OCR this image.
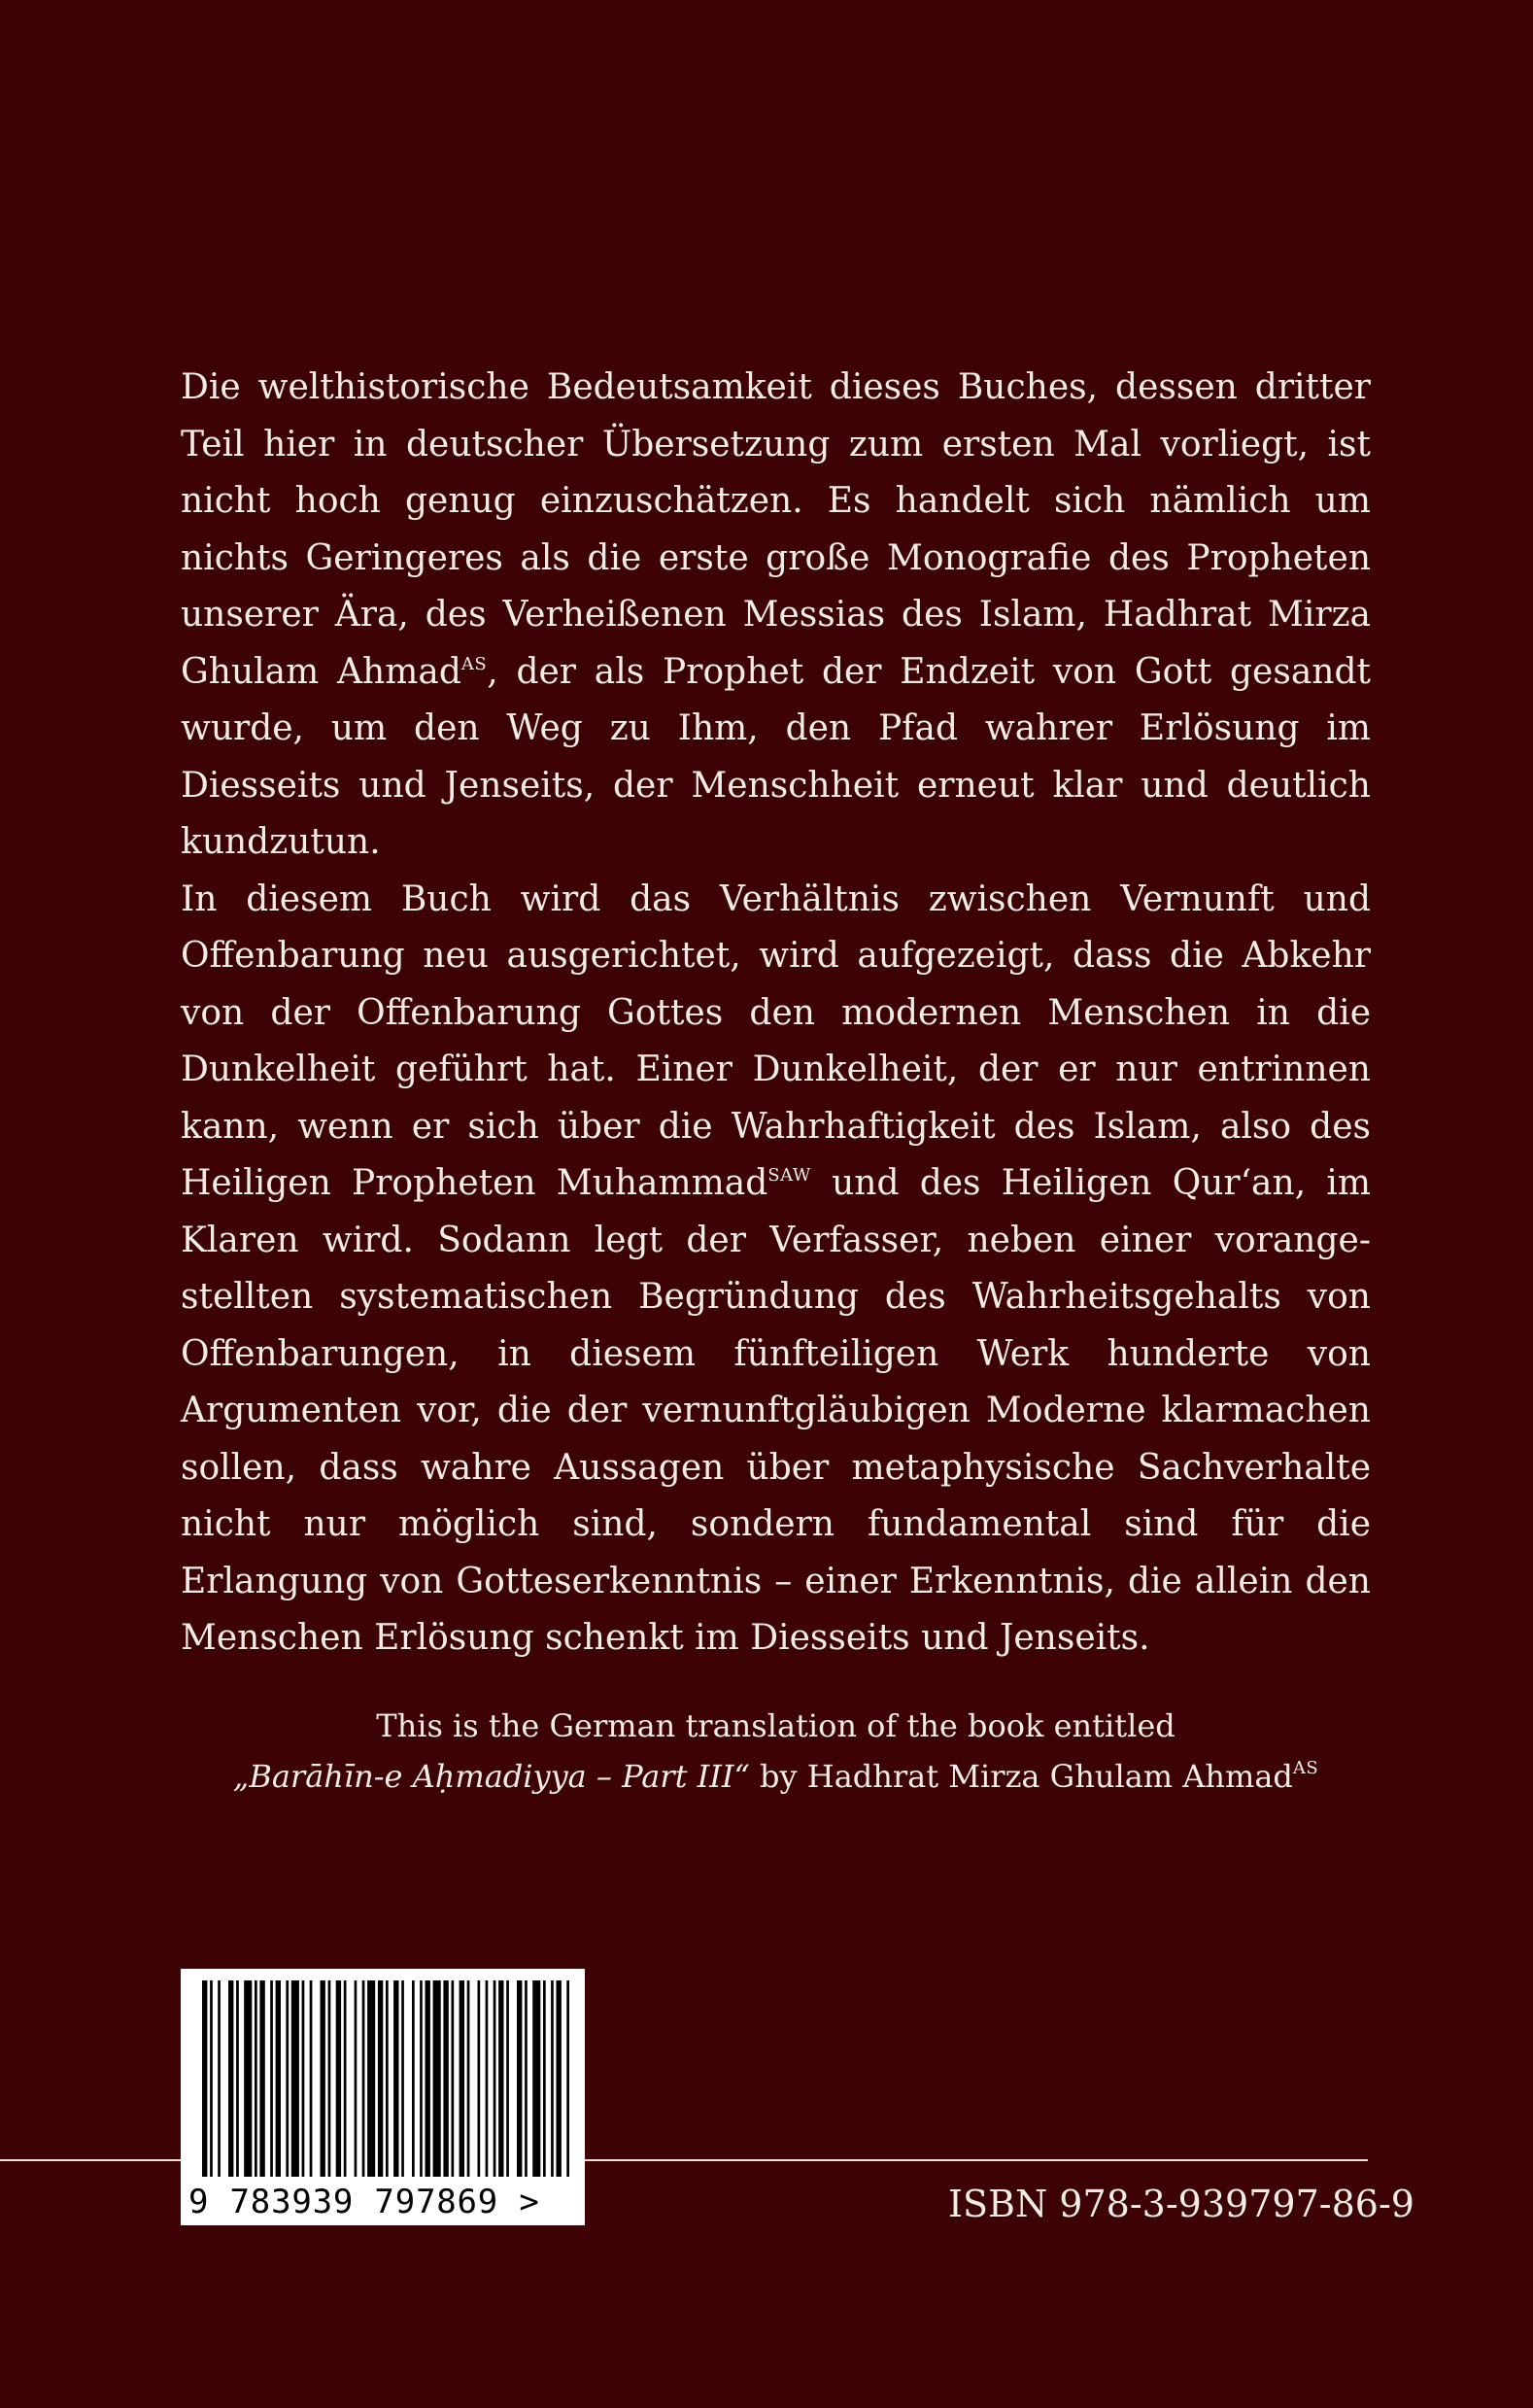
Die welthistorische Bedeutsamkeit dieses Buches, dessen dritter Teil hier in deutscher Übersetzung zum ersten Mal vorliegt, ist nicht hoch genug einzuschätzen. Es handelt sich nämlich um nichts Geringeres als die erste große Monografie des Propheten unserer Ära, des Verheißenen Messias des Islam, Hadhrat Mirza Ghulam Ahmad$^{AS}$, der als Prophet der Endzeit von Gott gesandt wurde, um den Weg zu Ihm, den Pfad wahrer Erlösung im Diesseits und Jenseits, der Menschheit erneut klar und deutlich kundzutun.

In diesem Buch wird das Verhältnis zwischen Vernunft und Offenbarung neu ausgerichtet, wird aufgezeigt, dass die Abkehr von der Offenbarung Gottes den modernen Menschen in die Dunkelheit geführt hat. Einer Dunkelheit, der er nur entrinnen kann, wenn er sich über die Wahrhaftigkeit des Islam, also des Heiligen Propheten Muhammad$^{SAW}$ und des Heiligen Qur‘an, im Klaren wird. Sodann legt der Verfasser, neben einer vorangestellten systematischen Begründung des Wahrheitsgehalts von Offenbarungen, in diesem fünfteiligen Werk hunderte von Argumenten vor, die der vernunftgläubigen Moderne klarmachen sollen, dass wahre Aussagen über metaphysische Sachverhalte nicht nur möglich sind, sondern fundamental sind für die Erlangung von Gotteserkenntnis – einer Erkenntnis, die allein den Menschen Erlösung schenkt im Diesseits und Jenseits.

This is the German translation of the book entitled
„Barāhīn-e Aḥmadiyya – Part III“ by Hadhrat Mirza Ghulam Ahmad$^{AS}$
9 783939 797869 >	ISBN 978-3-939797-86-9
